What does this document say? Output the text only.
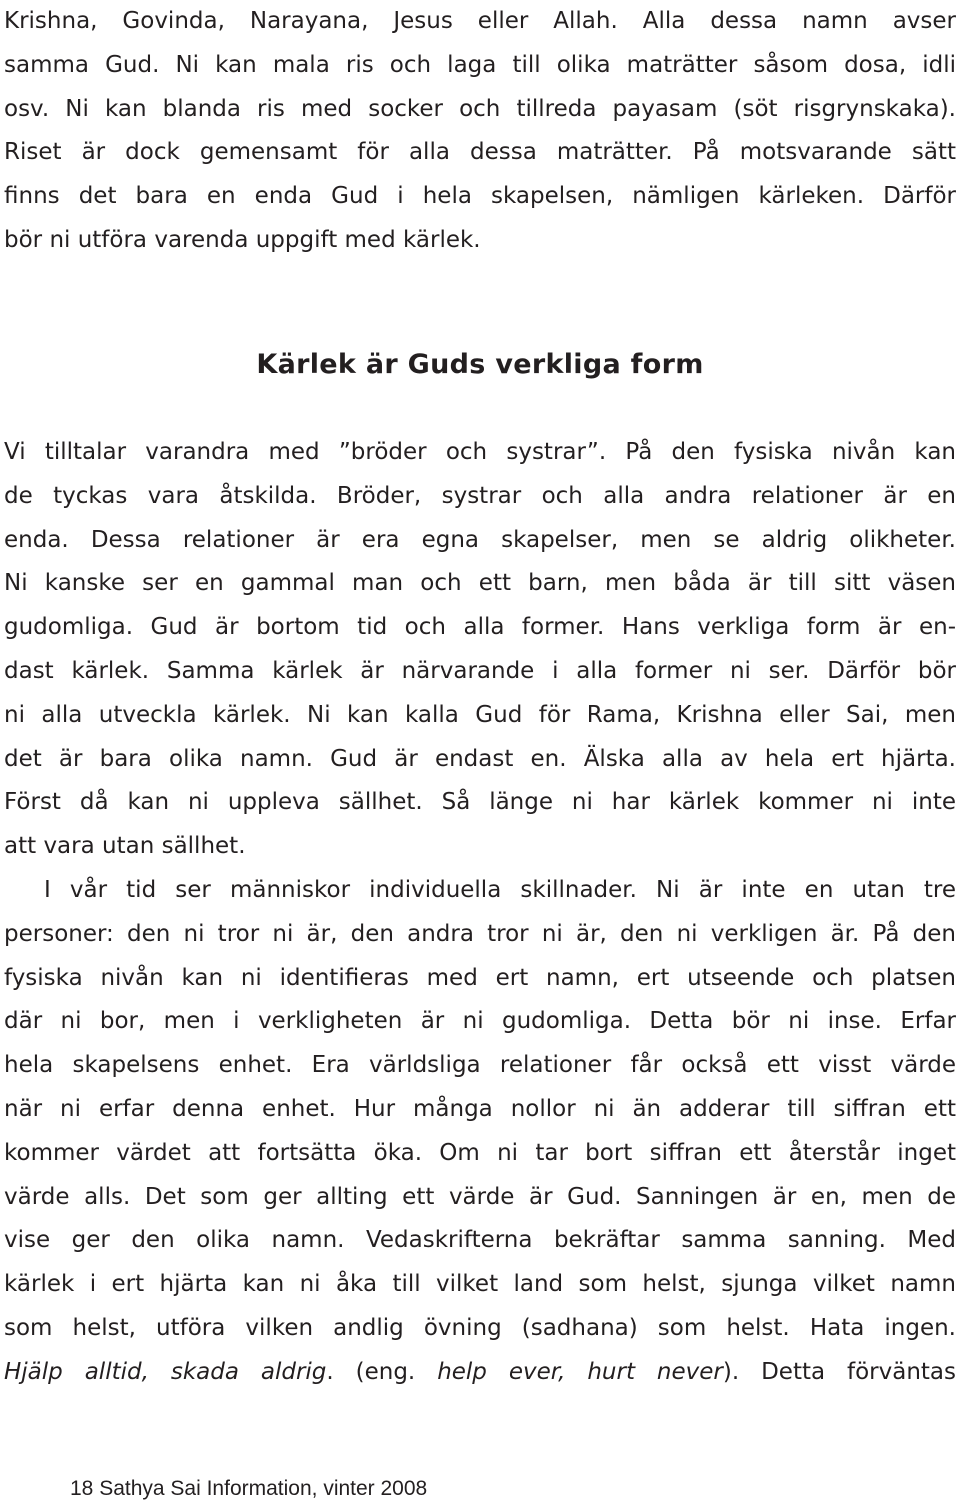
Krishna, Govinda, Narayana, Jesus eller Allah. Alla dessa namn avser
samma Gud. Ni kan mala ris och laga till olika maträtter såsom dosa, idli
osv. Ni kan blanda ris med socker och tillreda payasam (söt risgrynskaka).
Riset är dock gemensamt för alla dessa maträtter. På motsvarande sätt
finns det bara en enda Gud i hela skapelsen, nämligen kärleken. Därför
bör ni utföra varenda uppgift med kärlek.
Kärlek är Guds verkliga form
Vi tilltalar varandra med ”bröder och systrar”. På den fysiska nivån kan
de tyckas vara åtskilda. Bröder, systrar och alla andra relationer är en
enda. Dessa relationer är era egna skapelser, men se aldrig olikheter.
Ni kanske ser en gammal man och ett barn, men båda är till sitt väsen
gudomliga. Gud är bortom tid och alla former. Hans verkliga form är en-
dast kärlek. Samma kärlek är närvarande i alla former ni ser. Därför bör
ni alla utveckla kärlek. Ni kan kalla Gud för Rama, Krishna eller Sai, men
det är bara olika namn. Gud är endast en. Älska alla av hela ert hjärta.
Först då kan ni uppleva sällhet. Så länge ni har kärlek kommer ni inte
att vara utan sällhet.
I vår tid ser människor individuella skillnader. Ni är inte en utan tre
personer: den ni tror ni är, den andra tror ni är, den ni verkligen är. På den
fysiska nivån kan ni identifieras med ert namn, ert utseende och platsen
där ni bor, men i verkligheten är ni gudomliga. Detta bör ni inse. Erfar
hela skapelsens enhet. Era världsliga relationer får också ett visst värde
när ni erfar denna enhet. Hur många nollor ni än adderar till siffran ett
kommer värdet att fortsätta öka. Om ni tar bort siffran ett återstår inget
värde alls. Det som ger allting ett värde är Gud. Sanningen är en, men de
vise ger den olika namn. Vedaskrifterna bekräftar samma sanning. Med
kärlek i ert hjärta kan ni åka till vilket land som helst, sjunga vilket namn
som helst, utföra vilken andlig övning (sadhana) som helst. Hata ingen.
Hjälp alltid, skada aldrig. (eng. help ever, hurt never). Detta förväntas

18 Sathya Sai Information, vinter 2008
